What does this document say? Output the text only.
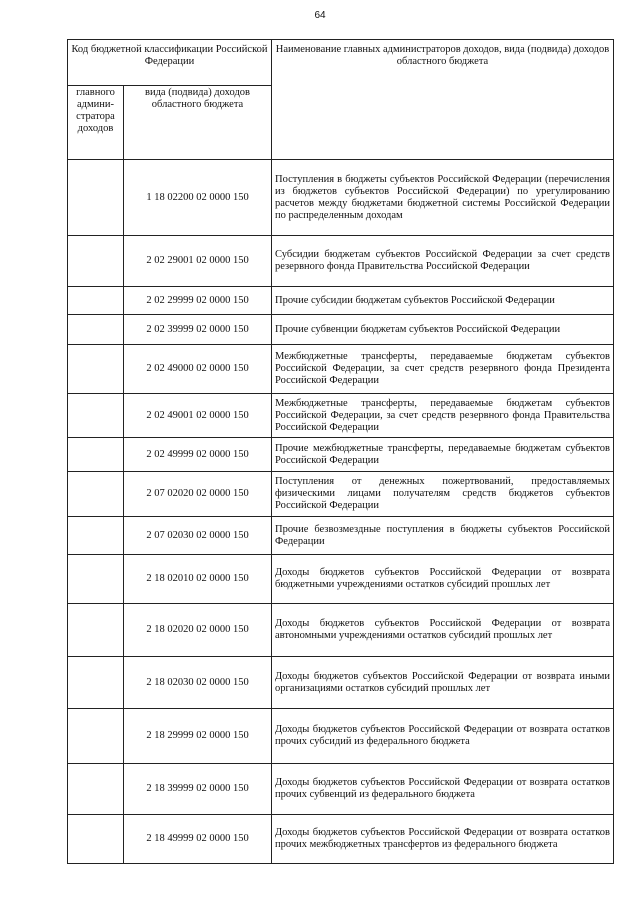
64
Код бюджетной классификации Российской Федерации		Наименование главных администраторов доходов, вида (подвида) доходов областного бюджета
главного админи-стратора доходов	вида (подвида) доходов областного бюджета	
	1 18 02200 02 0000 150	Поступления в бюджеты субъектов Российской Федерации (перечисления из бюджетов субъектов Российской Федерации) по урегулированию расчетов между бюджетами бюджетной системы Российской Федерации по распределенным доходам
	2 02 29001 02 0000 150	Субсидии бюджетам субъектов Российской Федерации за счет средств резервного фонда Правительства Российской Федерации
	2 02 29999 02 0000 150	Прочие субсидии бюджетам субъектов Российской Федерации
	2 02 39999 02 0000 150	Прочие субвенции бюджетам субъектов Российской Федерации
	2 02 49000 02 0000 150	Межбюджетные трансферты, передаваемые бюджетам субъектов Российской Федерации, за счет средств резервного фонда Президента Российской Федерации
	2 02 49001 02 0000 150	Межбюджетные трансферты, передаваемые бюджетам субъектов Российской Федерации, за счет средств резервного фонда Правительства Российской Федерации
	2 02 49999 02 0000 150	Прочие межбюджетные трансферты, передаваемые бюджетам субъектов Российской Федерации
	2 07 02020 02 0000 150	Поступления от денежных пожертвований, предоставляемых физическими лицами получателям средств бюджетов субъектов Российской Федерации
	2 07 02030 02 0000 150	Прочие безвозмездные поступления в бюджеты субъектов Российской Федерации
	2 18 02010 02 0000 150	Доходы бюджетов субъектов Российской Федерации от возврата бюджетными учреждениями остатков субсидий прошлых лет
	2 18 02020 02 0000 150	Доходы бюджетов субъектов Российской Федерации от возврата автономными учреждениями остатков субсидий прошлых лет
	2 18 02030 02 0000 150	Доходы бюджетов субъектов Российской Федерации от возврата иными организациями остатков субсидий прошлых лет
	2 18 29999 02 0000 150	Доходы бюджетов субъектов Российской Федерации от возврата остатков прочих субсидий из федерального бюджета
	2 18 39999 02 0000 150	Доходы бюджетов субъектов Российской Федерации от возврата остатков прочих субвенций из федерального бюджета
	2 18 49999 02 0000 150	Доходы бюджетов субъектов Российской Федерации от возврата остатков прочих межбюджетных трансфертов из федерального бюджета
